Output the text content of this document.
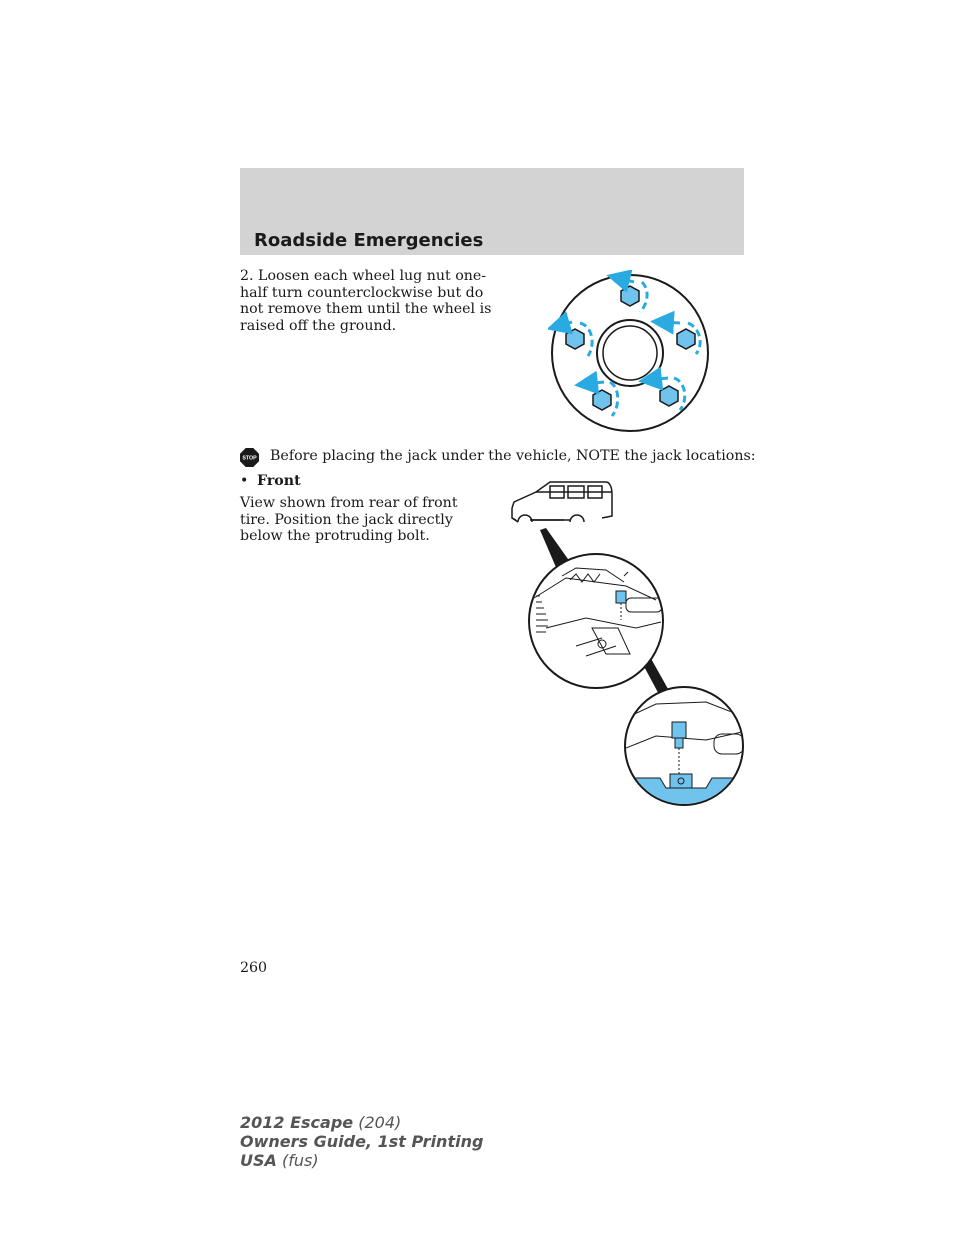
Roadside Emergencies

2. Loosen each wheel lug nut one-half turn counterclockwise but do not remove them until the wheel is raised off the ground.

STOP Before placing the jack under the vehicle, NOTE the jack locations:

• Front

View shown from rear of front tire. Position the jack directly below the protruding bolt.

260
2012 Escape (204)
Owners Guide, 1st Printing
USA (fus)
